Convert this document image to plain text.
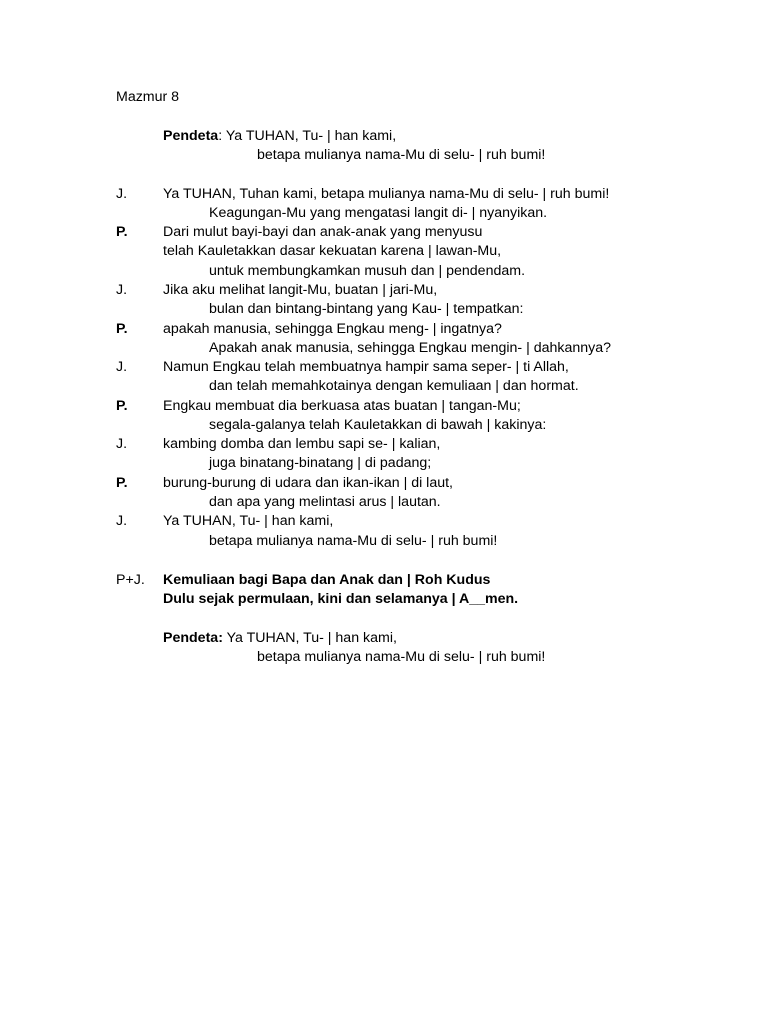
Mazmur 8
Pendeta: Ya TUHAN, Tu- | han kami,
betapa mulianya nama-Mu di selu- | ruh bumi!
J.	Ya TUHAN, Tuhan kami, betapa mulianya nama-Mu di selu- | ruh bumi!
Keagungan-Mu yang mengatasi langit di- | nyanyikan.
P. Dari mulut bayi-bayi dan anak-anak yang menyusu
telah Kauletakkan dasar kekuatan karena | lawan-Mu,
untuk membungkamkan musuh dan | pendendam.
J.	Jika aku melihat langit-Mu, buatan | jari-Mu,
bulan dan bintang-bintang yang Kau- | tempatkan:
P. apakah manusia, sehingga Engkau meng- | ingatnya?
Apakah anak manusia, sehingga Engkau mengin- | dahkannya?
J.	Namun Engkau telah membuatnya hampir sama seper- | ti Allah,
dan telah memahkotainya dengan kemuliaan | dan hormat.
P. Engkau membuat dia berkuasa atas buatan | tangan-Mu;
segala-galanya telah Kauletakkan di bawah | kakinya:
J.	kambing domba dan lembu sapi se- | kalian,
juga binatang-binatang | di padang;
P. burung-burung di udara dan ikan-ikan | di laut,
dan apa yang melintasi arus | lautan.
J.	Ya TUHAN, Tu- | han kami,
betapa mulianya nama-Mu di selu- | ruh bumi!
P+J. Kemuliaan bagi Bapa dan Anak dan | Roh Kudus
Dulu sejak permulaan, kini dan selamanya | A__men.
Pendeta: Ya TUHAN, Tu- | han kami,
betapa mulianya nama-Mu di selu- | ruh bumi!
